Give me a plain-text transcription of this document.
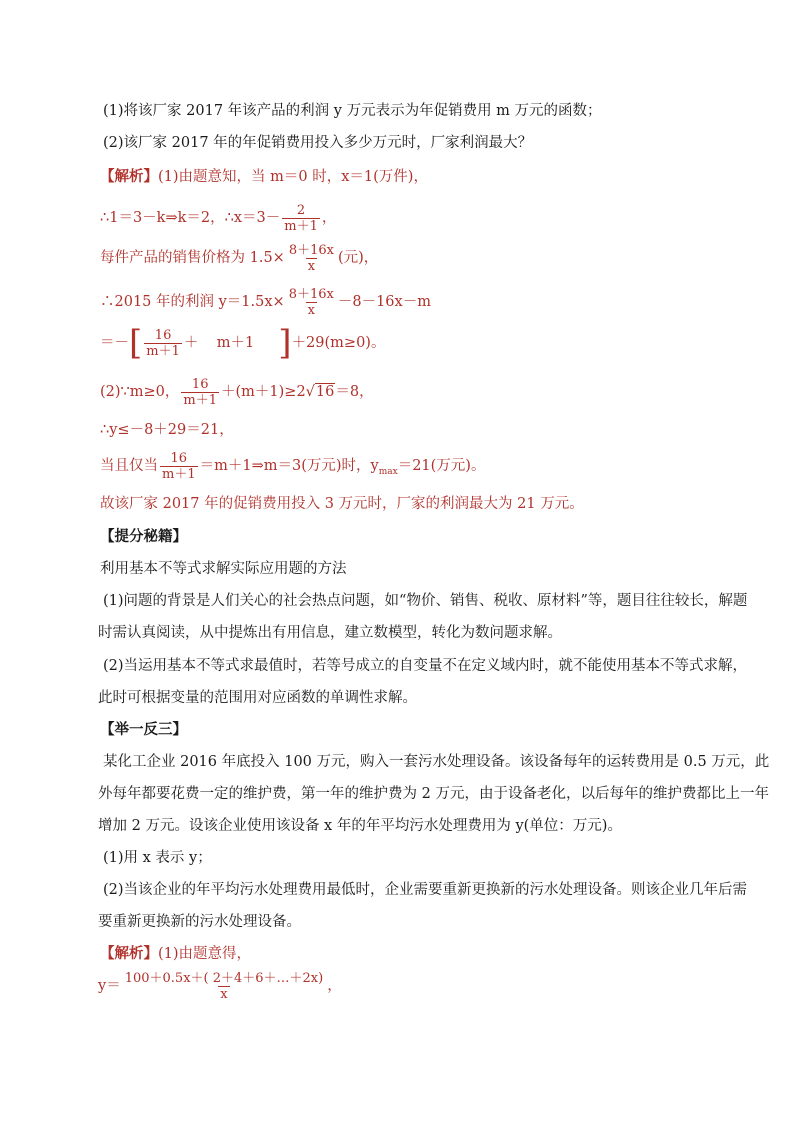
(1)将该厂家 2017 年该产品的利润 y 万元表示为年促销费用 m 万元的函数；
(2)该厂家 2017 年的年促销费用投入多少万元时，厂家利润最大？
【解析】(1)由题意知，当 m＝0 时，x＝1(万件)，
∴1＝3－k⇒k＝2，∴x＝3－ $\frac{2}{m+1}$ ，
每件产品的销售价格为 $1.5\times \frac{8+16x}{x}$ (元)，
∴2015 年的利润 $y=1.5x\times \frac{8+16x}{x} -8-16x-m$
＝－[ $\frac{16}{m+1}$ ＋    m＋1 ]＋29(m≥0)。
(2)∵m≥0， $\frac{16}{m+1} +(m+1)\ge 2√16=8$，
∴y≤－8＋29＝21，
当且仅当 $\frac{16}{m+1}$ ＝m＋1⇒m＝3(万元)时，$y_{max}=21$(万元)。
故该厂家 2017 年的促销费用投入 3 万元时，厂家的利润最大为 21 万元。
【提分秘籍】
利用基本不等式求解实际应用题的方法
(1)问题的背景是人们关心的社会热点问题，如“物价、销售、税收、原材料”等，题目往往较长，解题
时需认真阅读，从中提炼出有用信息，建立数模型，转化为数问题求解。
(2)当运用基本不等式求最值时，若等号成立的自变量不在定义域内时，就不能使用基本不等式求解，
此时可根据变量的范围用对应函数的单调性求解。
【举一反三】
某化工企业 2016 年底投入 100 万元，购入一套污水处理设备。该设备每年的运转费用是 0.5 万元，此
外每年都要花费一定的维护费，第一年的维护费为 2 万元，由于设备老化，以后每年的维护费都比上一年
增加 2 万元。设该企业使用该设备 x 年的年平均污水处理费用为 y(单位：万元)。
(1)用 x 表示 y；
(2)当该企业的年平均污水处理费用最低时，企业需要重新更换新的污水处理设备。则该企业几年后需
要重新更换新的污水处理设备。
【解析】(1)由题意得，
$y= \frac{100+0.5x+( 2+4+6+\dots+2x)}{x}$ ，
